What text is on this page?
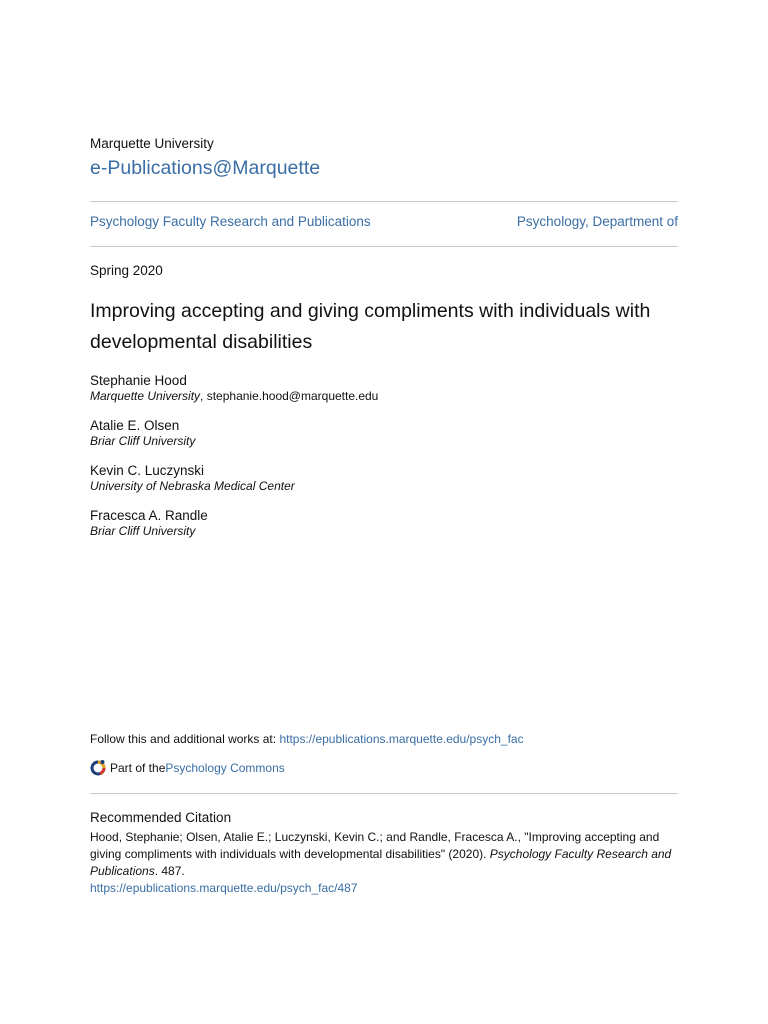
Marquette University
e-Publications@Marquette
Psychology Faculty Research and Publications	Psychology, Department of
Spring 2020
Improving accepting and giving compliments with individuals with developmental disabilities
Stephanie Hood
Marquette University, stephanie.hood@marquette.edu
Atalie E. Olsen
Briar Cliff University
Kevin C. Luczynski
University of Nebraska Medical Center
Fracesca A. Randle
Briar Cliff University
Follow this and additional works at: https://epublications.marquette.edu/psych_fac
Part of the Psychology Commons
Recommended Citation
Hood, Stephanie; Olsen, Atalie E.; Luczynski, Kevin C.; and Randle, Fracesca A., "Improving accepting and giving compliments with individuals with developmental disabilities" (2020). Psychology Faculty Research and Publications. 487.
https://epublications.marquette.edu/psych_fac/487
